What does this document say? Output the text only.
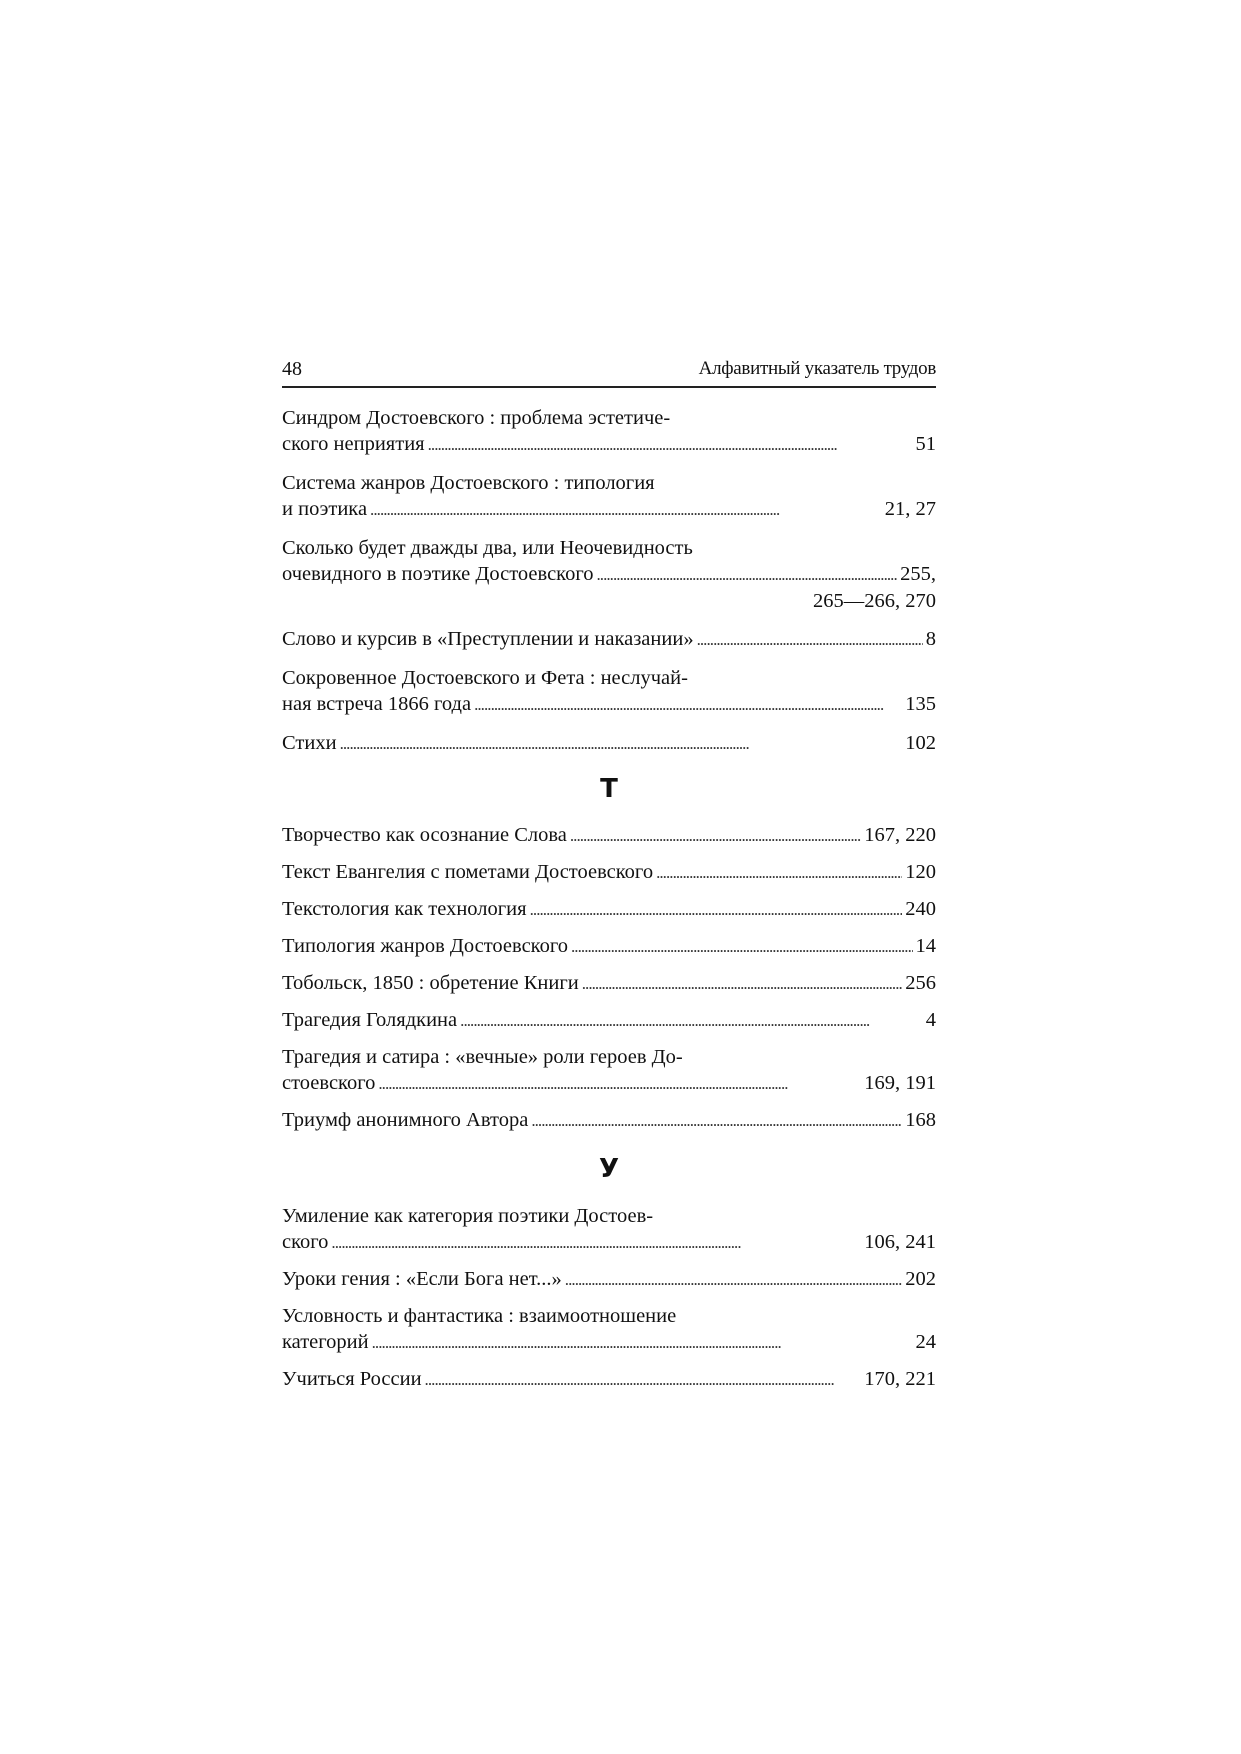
48	Алфавитный указатель трудов
Синдром Достоевского : проблема эстетиче-
ского неприятия . . .	51
Система жанров Достоевского : типология
и поэтика . . .	21, 27
Сколько будет дважды два, или Неочевидность
очевидного в поэтике Достоевского . . .	255,
265—266, 270
Слово и курсив в «Преступлении и наказании» . . .	8
Сокровенное Достоевского и Фета : неслучай-
ная встреча 1866 года . . .	135
Стихи . . .	102
Т
Творчество как осознание Слова . . .	167, 220
Текст Евангелия с пометами Достоевского . . .	120
Текстология как технология . . .	240
Типология жанров Достоевского . . .	14
Тобольск, 1850 : обретение Книги . . .	256
Трагедия Голядкина . . .	4
Трагедия и сатира : «вечные» роли героев До-
стоевского . . .	169, 191
Триумф анонимного Автора . . .	168
У
Умиление как категория поэтики Достоев-
ского . . .	106, 241
Уроки гения : «Если Бога нет...» . . .	202
Условность и фантастика : взаимоотношение
категорий . . .	24
Учиться России . . .	170, 221
